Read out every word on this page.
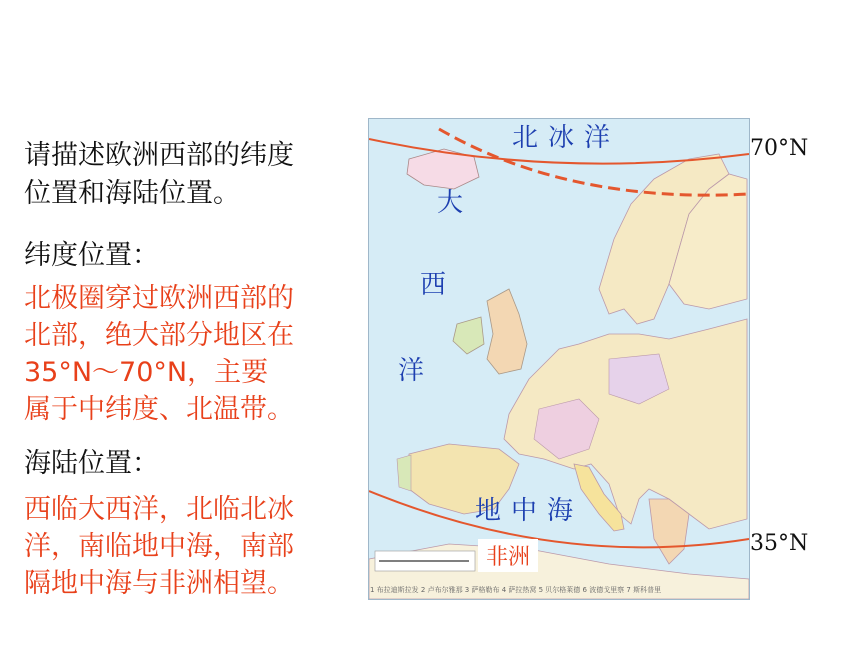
请描述欧洲西部的纬度
位置和海陆位置。

纬度位置：

北极圈穿过欧洲西部的
北部，绝大部分地区在
35°N～70°N，主要
属于中纬度、北温带。

海陆位置：

西临大西洋，北临北冰
洋，南临地中海，南部
隔地中海与非洲相望。

70°N
35°N
北冰洋
大
西
洋
地中海
非洲
1 布拉迪斯拉发 2 卢布尔雅那 3 萨格勒布 4 萨拉热窝 5 贝尔格莱德 6 波德戈里察 7 斯科普里
